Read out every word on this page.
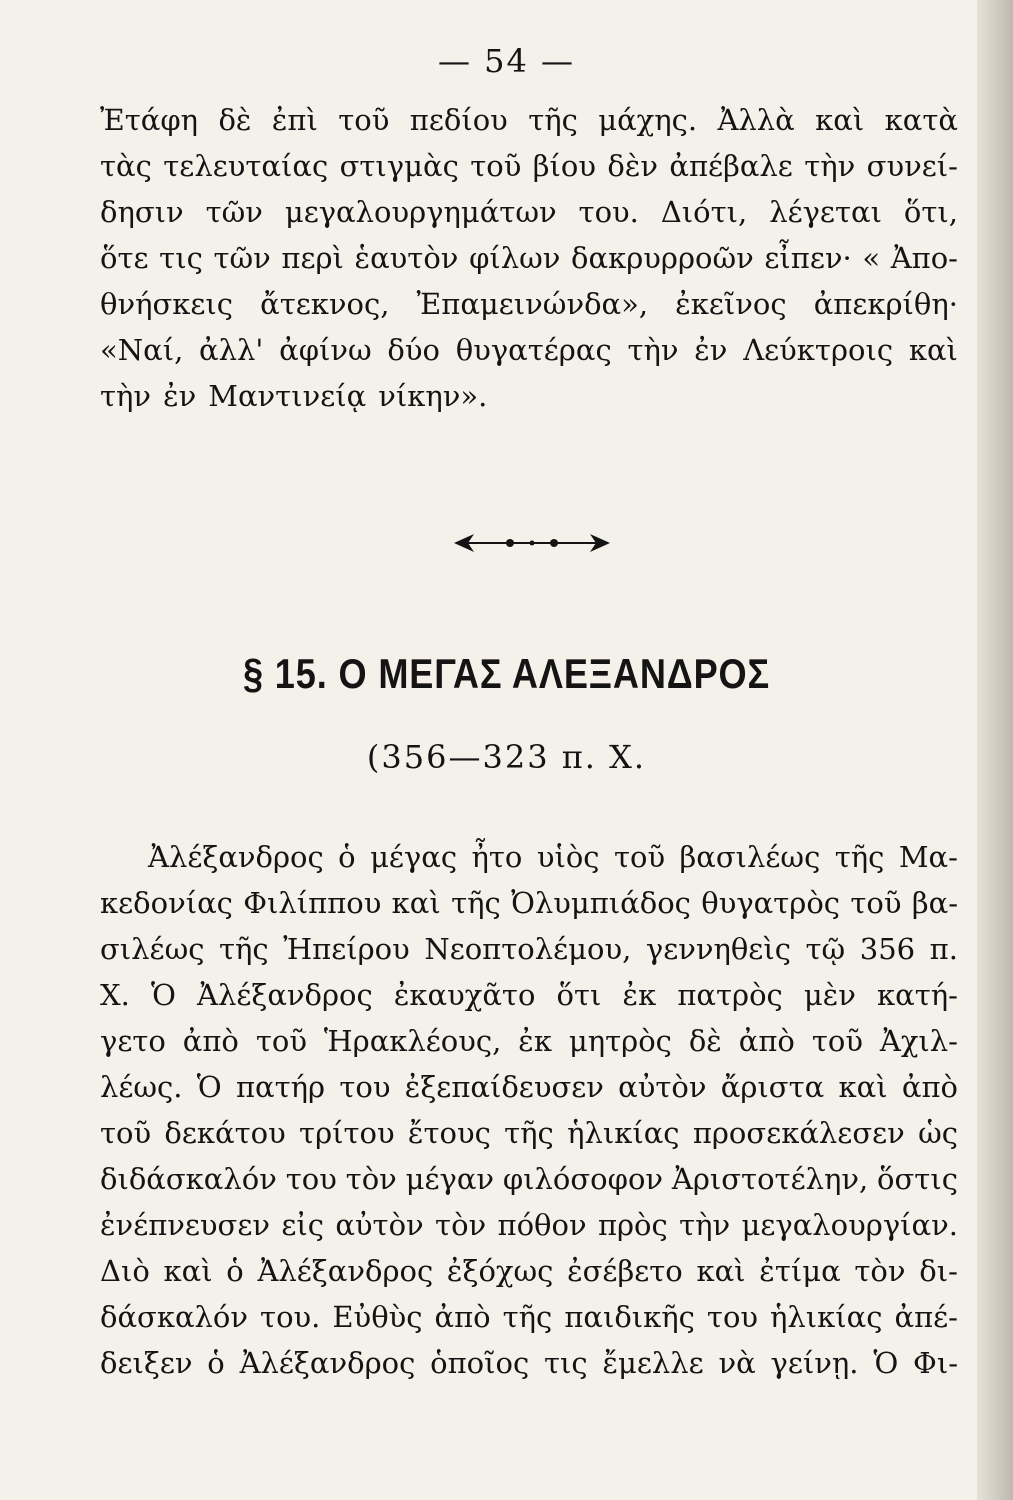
— 54 —
Ἐτάφη δὲ ἐπὶ τοῦ πεδίου τῆς μάχης. Ἀλλὰ καὶ κατὰ
τὰς τελευταίας στιγμὰς τοῦ βίου δὲν ἀπέβαλε τὴν συνεί-
δησιν τῶν μεγαλουργημάτων του. Διότι, λέγεται ὅτι,
ὅτε τις τῶν περὶ ἑαυτὸν φίλων δακρυρροῶν εἶπεν· « Ἀπο-
θνήσκεις ἄτεκνος, Ἐπαμεινώνδα», ἐκεῖνος ἀπεκρίθη·
«Ναί, ἀλλ' ἀφίνω δύο θυγατέρας τὴν ἐν Λεύκτροις καὶ
τὴν ἐν Μαντινείᾳ νίκην».
§ 15. Ο ΜΕΓΑΣ ΑΛΕΞΑΝΔΡΟΣ
(356—323 π. Χ.
Ἀλέξανδρος ὁ μέγας ἦτο υἱὸς τοῦ βασιλέως τῆς Μα-
κεδονίας Φιλίππου καὶ τῆς Ὀλυμπιάδος θυγατρὸς τοῦ βα-
σιλέως τῆς Ἠπείρου Νεοπτολέμου, γεννηθεὶς τῷ 356 π.
Χ. Ὁ Ἀλέξανδρος ἐκαυχᾶτο ὅτι ἐκ πατρὸς μὲν κατή-
γετο ἀπὸ τοῦ Ἡρακλέους, ἐκ μητρὸς δὲ ἀπὸ τοῦ Ἀχιλ-
λέως. Ὁ πατήρ του ἐξεπαίδευσεν αὐτὸν ἄριστα καὶ ἀπὸ
τοῦ δεκάτου τρίτου ἔτους τῆς ἡλικίας προσεκάλεσεν ὡς
διδάσκαλόν του τὸν μέγαν φιλόσοφον Ἀριστοτέλην, ὅστις
ἐνέπνευσεν εἰς αὐτὸν τὸν πόθον πρὸς τὴν μεγαλουργίαν.
Διὸ καὶ ὁ Ἀλέξανδρος ἐξόχως ἐσέβετο καὶ ἐτίμα τὸν δι-
δάσκαλόν του. Εὐθὺς ἀπὸ τῆς παιδικῆς του ἡλικίας ἀπέ-
δειξεν ὁ Ἀλέξανδρος ὁποῖος τις ἔμελλε νὰ γείνῃ. Ὁ Φι-
